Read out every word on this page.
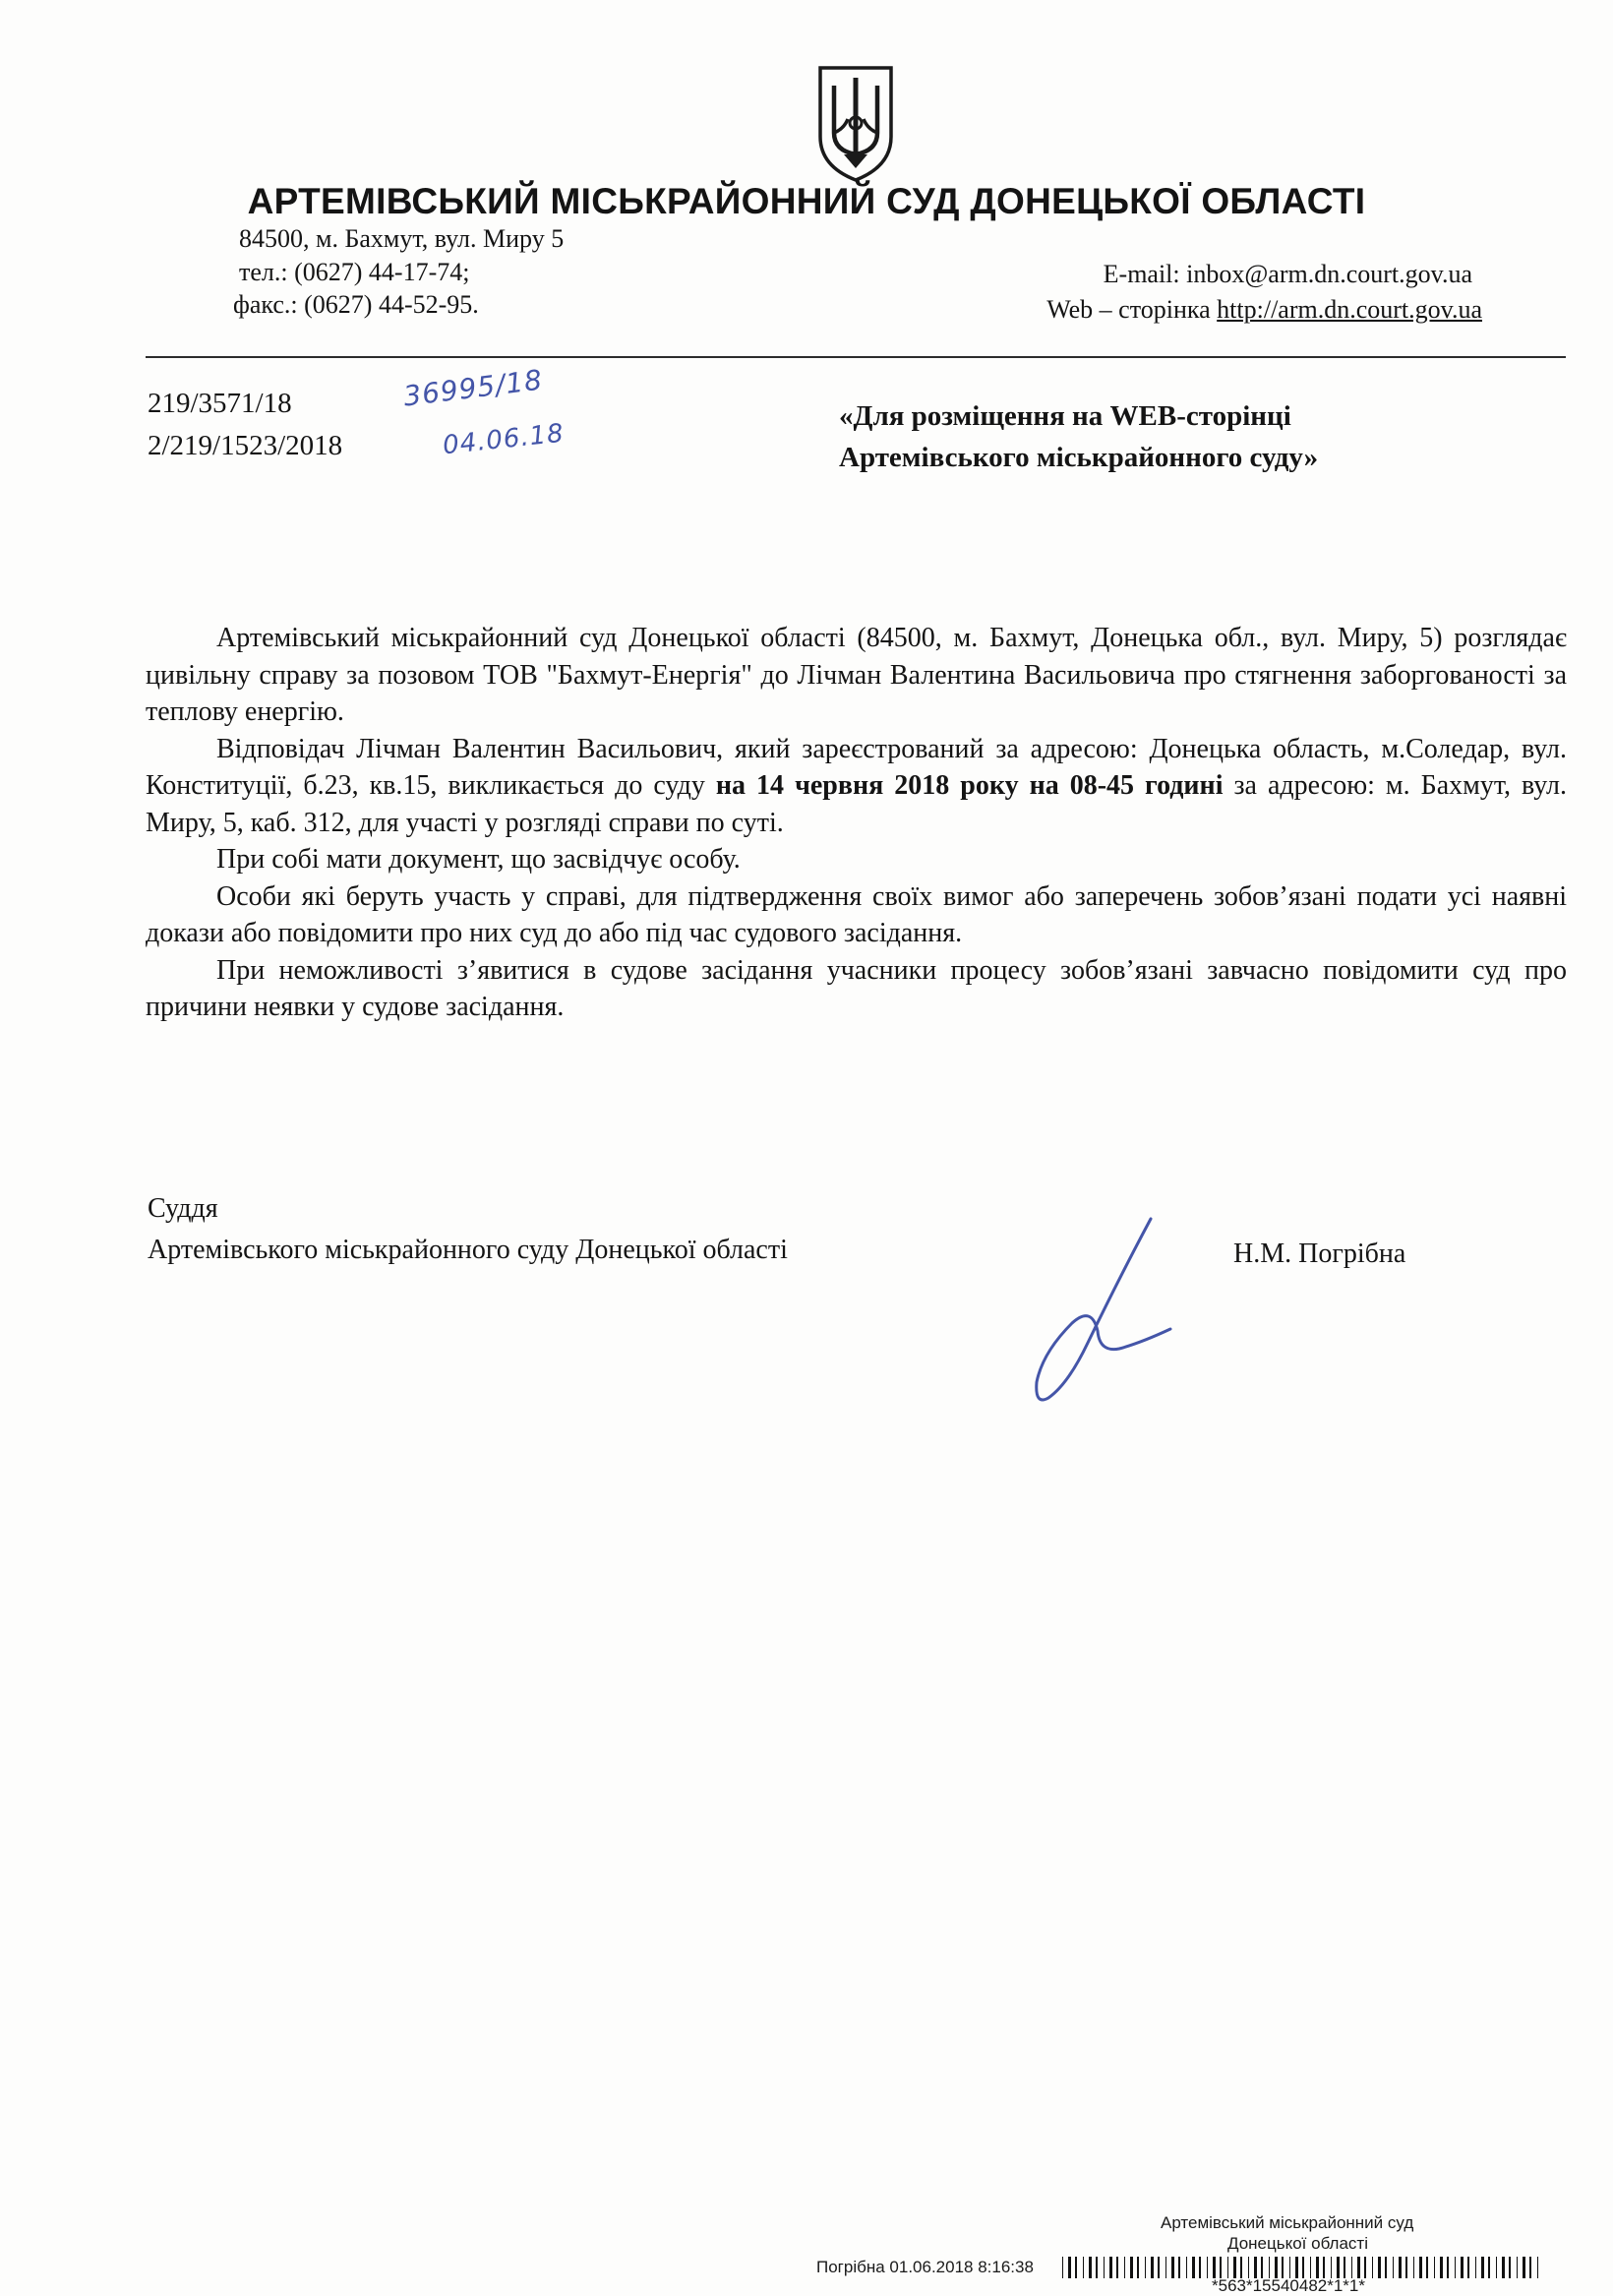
АРТЕМІВСЬКИЙ МІСЬКРАЙОННИЙ СУД ДОНЕЦЬКОЇ ОБЛАСТІ
84500, м. Бахмут, вул. Миру 5
тел.: (0627) 44-17-74;
факс.: (0627) 44-52-95.
E-mail: inbox@arm.dn.court.gov.ua
Web – сторінка http://arm.dn.court.gov.ua
219/3571/18
2/219/1523/2018
36995/18
04.06.18

«Для розміщення на WEB-сторінці

Артемівського міськрайонного суду»

Артемівський міськрайонний суд Донецької області (84500, м. Бахмут, Донецька обл., вул. Миру, 5) розглядає цивільну справу за позовом ТОВ "Бахмут-Енергія" до Лічман Валентина Васильовича про стягнення заборгованості за теплову енергію.

Відповідач Лічман Валентин Васильович, який зареєстрований за адресою: Донецька область, м.Соледар, вул. Конституції, б.23, кв.15, викликається до суду на 14 червня 2018 року на 08-45 годині за адресою: м. Бахмут, вул. Миру, 5, каб. 312, для участі у розгляді справи по суті.

При собі мати документ, що засвідчує особу.

Особи які беруть участь у справі, для підтвердження своїх вимог або заперечень зобов’язані подати усі наявні докази або повідомити про них суд до або під час судового засідання.

При неможливості з’явитися в судове засідання учасники процесу зобов’язані завчасно повідомити суд про причини неявки у судове засідання.

Суддя
Артемівського міськрайонного суду Донецької області	Н.М. Погрібна
Артемівський міськрайонний суд
Донецької області
Погрібна 01.06.2018 8:16:38
*563*15540482*1*1*
